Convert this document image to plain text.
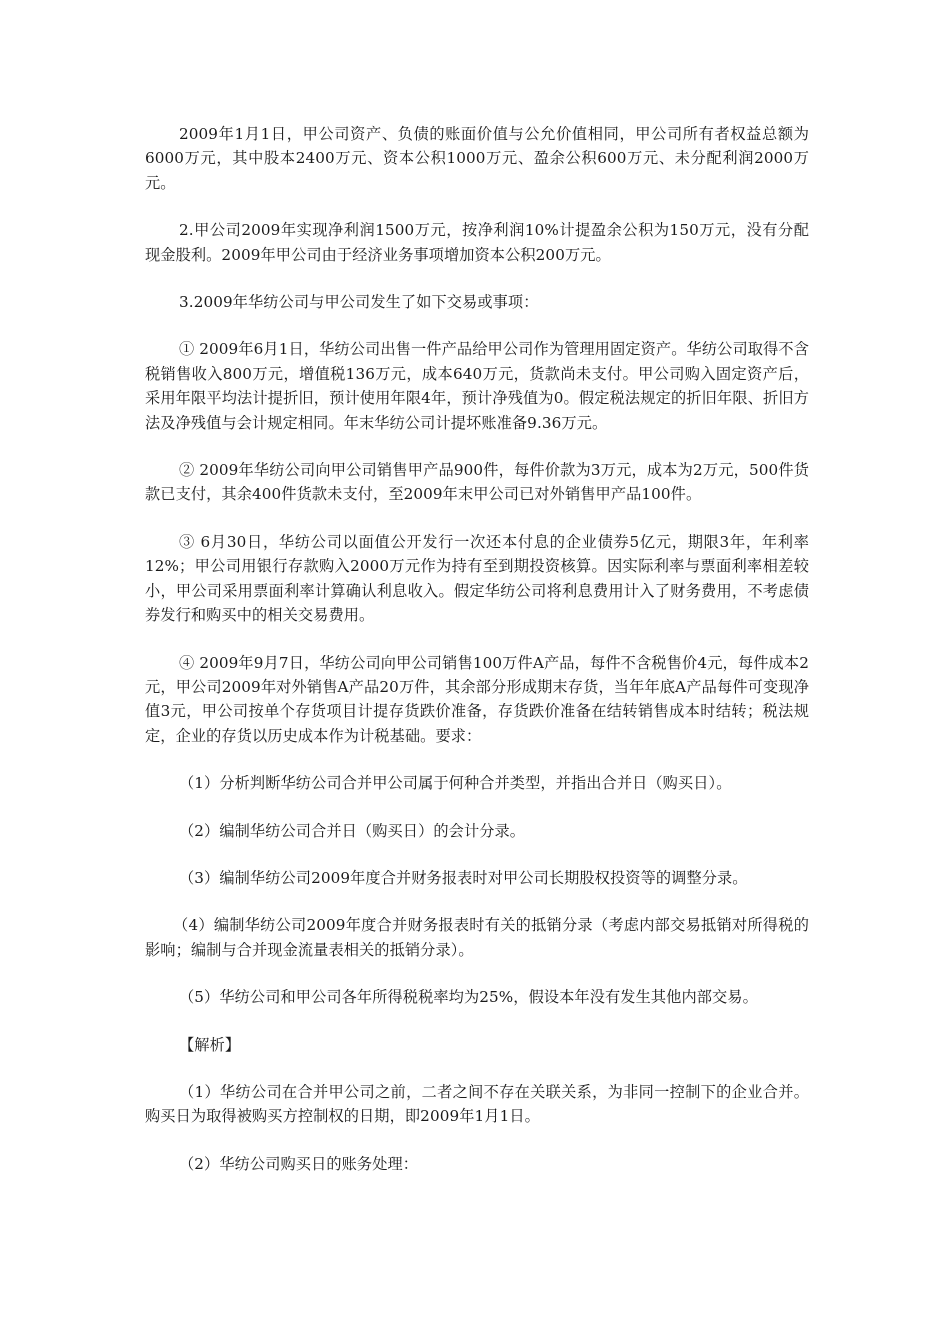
2009年1月1日，甲公司资产、负债的账面价值与公允价值相同，甲公司所有者权益总额为6000万元，其中股本2400万元、资本公积1000万元、盈余公积600万元、未分配利润2000万元。

2.甲公司2009年实现净利润1500万元，按净利润10%计提盈余公积为150万元，没有分配现金股利。2009年甲公司由于经济业务事项增加资本公积200万元。

3.2009年华纺公司与甲公司发生了如下交易或事项：

① 2009年6月1日，华纺公司出售一件产品给甲公司作为管理用固定资产。华纺公司取得不含税销售收入800万元，增值税136万元，成本640万元，货款尚未支付。甲公司购入固定资产后，采用年限平均法计提折旧，预计使用年限4年，预计净残值为0。假定税法规定的折旧年限、折旧方法及净残值与会计规定相同。年末华纺公司计提坏账准备9.36万元。

② 2009年华纺公司向甲公司销售甲产品900件，每件价款为3万元，成本为2万元，500件货款已支付，其余400件货款未支付，至2009年末甲公司已对外销售甲产品100件。

③ 6月30日，华纺公司以面值公开发行一次还本付息的企业债券5亿元，期限3年，年利率12%；甲公司用银行存款购入2000万元作为持有至到期投资核算。因实际利率与票面利率相差较小，甲公司采用票面利率计算确认利息收入。假定华纺公司将利息费用计入了财务费用，不考虑债券发行和购买中的相关交易费用。

④ 2009年9月7日，华纺公司向甲公司销售100万件A产品，每件不含税售价4元，每件成本2元，甲公司2009年对外销售A产品20万件，其余部分形成期末存货，当年年底A产品每件可变现净值3元，甲公司按单个存货项目计提存货跌价准备，存货跌价准备在结转销售成本时结转；税法规定，企业的存货以历史成本作为计税基础。要求：

（1）分析判断华纺公司合并甲公司属于何种合并类型，并指出合并日（购买日）。

（2）编制华纺公司合并日（购买日）的会计分录。

（3）编制华纺公司2009年度合并财务报表时对甲公司长期股权投资等的调整分录。

（4）编制华纺公司2009年度合并财务报表时有关的抵销分录（考虑内部交易抵销对所得税的影响；编制与合并现金流量表相关的抵销分录）。

（5）华纺公司和甲公司各年所得税税率均为25%，假设本年没有发生其他内部交易。

【解析】

（1）华纺公司在合并甲公司之前，二者之间不存在关联关系，为非同一控制下的企业合并。购买日为取得被购买方控制权的日期，即2009年1月1日。

（2）华纺公司购买日的账务处理：
